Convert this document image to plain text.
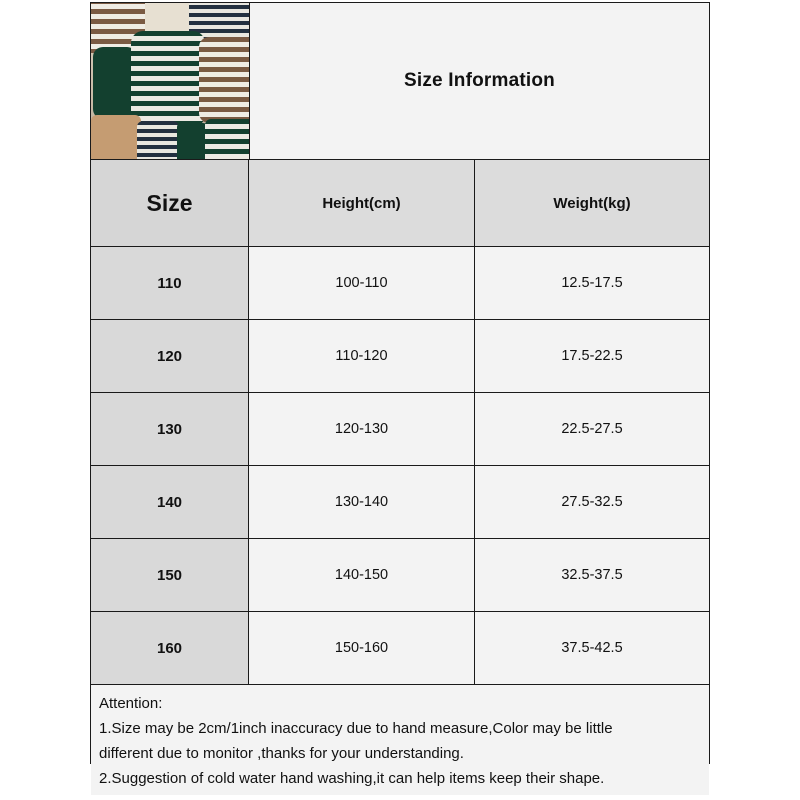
Size Information
Size	Height(cm)	Weight(kg)
110	100-110	12.5-17.5
120	110-120	17.5-22.5
130	120-130	22.5-27.5
140	130-140	27.5-32.5
150	140-150	32.5-37.5
160	150-160	37.5-42.5
Attention:
1.Size may be 2cm/1inch inaccuracy due to hand measure,Color may be little
different due to monitor ,thanks for your understanding.
2.Suggestion of cold water hand washing,it can help items keep their shape.
